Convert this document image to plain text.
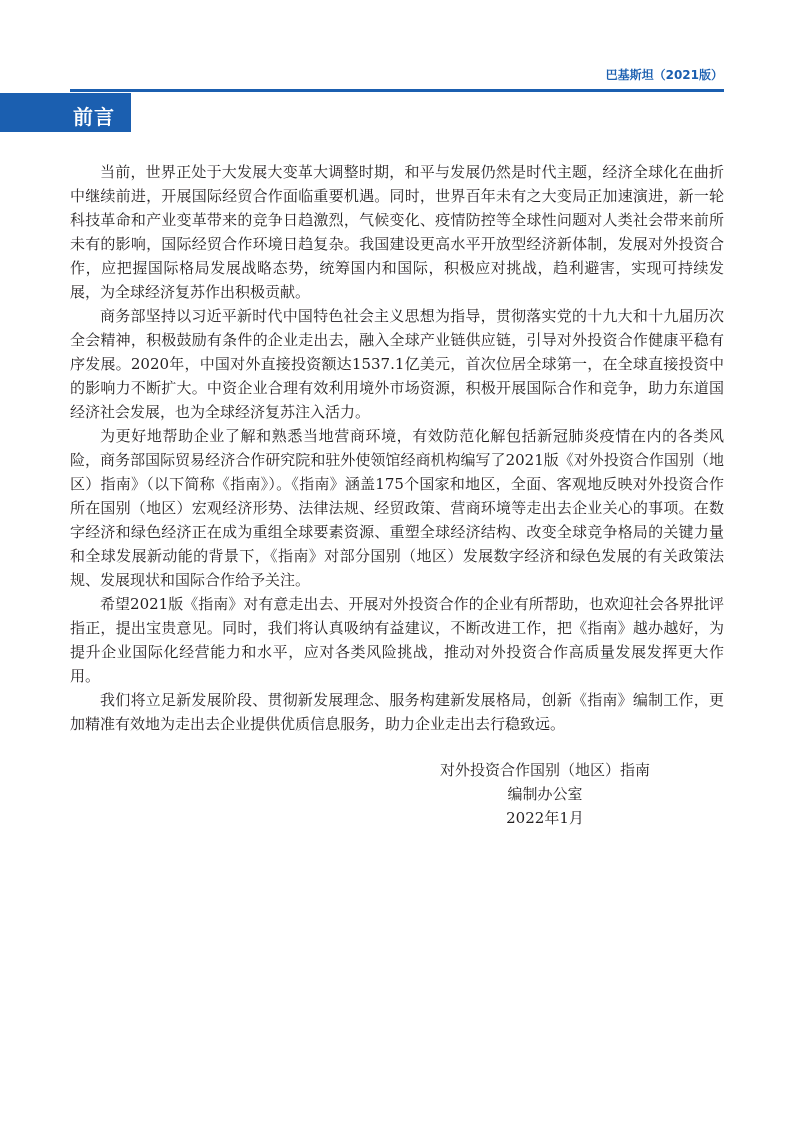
巴基斯坦（2021版）
前言

当前，世界正处于大发展大变革大调整时期，和平与发展仍然是时代主题，经济全球化在曲折中继续前进，开展国际经贸合作面临重要机遇。同时，世界百年未有之大变局正加速演进，新一轮科技革命和产业变革带来的竞争日趋激烈，气候变化、疫情防控等全球性问题对人类社会带来前所未有的影响，国际经贸合作环境日趋复杂。我国建设更高水平开放型经济新体制，发展对外投资合作，应把握国际格局发展战略态势，统筹国内和国际，积极应对挑战，趋利避害，实现可持续发展，为全球经济复苏作出积极贡献。

商务部坚持以习近平新时代中国特色社会主义思想为指导，贯彻落实党的十九大和十九届历次全会精神，积极鼓励有条件的企业走出去，融入全球产业链供应链，引导对外投资合作健康平稳有序发展。2020年，中国对外直接投资额达1537.1亿美元，首次位居全球第一，在全球直接投资中的影响力不断扩大。中资企业合理有效利用境外市场资源，积极开展国际合作和竞争，助力东道国经济社会发展，也为全球经济复苏注入活力。

为更好地帮助企业了解和熟悉当地营商环境，有效防范化解包括新冠肺炎疫情在内的各类风险，商务部国际贸易经济合作研究院和驻外使领馆经商机构编写了2021版《对外投资合作国别（地区）指南》（以下简称《指南》）。《指南》涵盖175个国家和地区，全面、客观地反映对外投资合作所在国别（地区）宏观经济形势、法律法规、经贸政策、营商环境等走出去企业关心的事项。在数字经济和绿色经济正在成为重组全球要素资源、重塑全球经济结构、改变全球竞争格局的关键力量和全球发展新动能的背景下，《指南》对部分国别（地区）发展数字经济和绿色发展的有关政策法规、发展现状和国际合作给予关注。

希望2021版《指南》对有意走出去、开展对外投资合作的企业有所帮助，也欢迎社会各界批评指正，提出宝贵意见。同时，我们将认真吸纳有益建议，不断改进工作，把《指南》越办越好，为提升企业国际化经营能力和水平，应对各类风险挑战，推动对外投资合作高质量发展发挥更大作用。

我们将立足新发展阶段、贯彻新发展理念、服务构建新发展格局，创新《指南》编制工作，更加精准有效地为走出去企业提供优质信息服务，助力企业走出去行稳致远。

对外投资合作国别（地区）指南
编制办公室
2022年1月
